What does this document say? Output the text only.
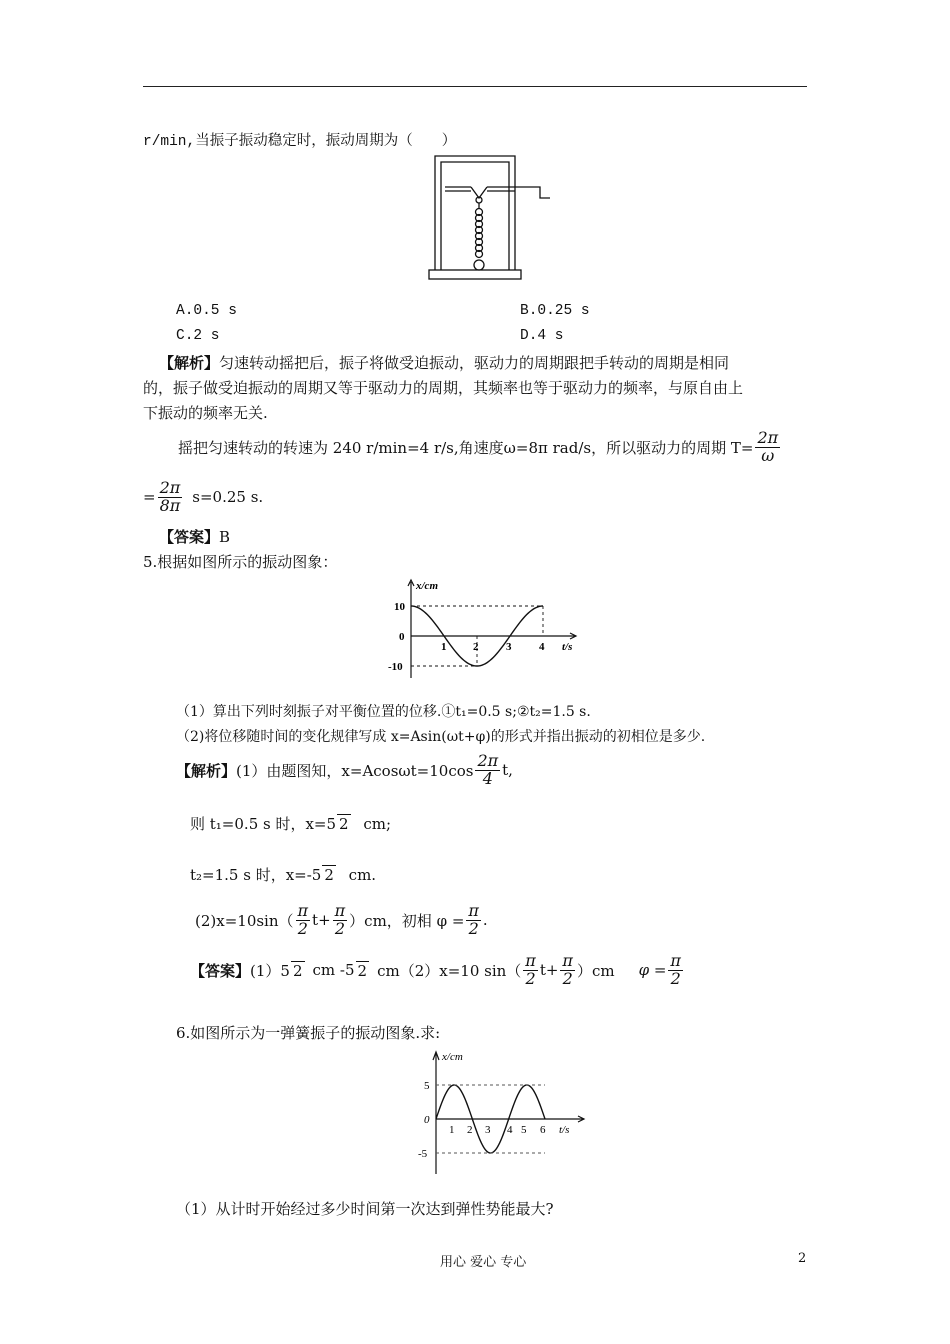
r/min,当振子振动稳定时，振动周期为（　　）
A.0.5 s	B.0.25 s
C.2 s	D.4 s
【解析】匀速转动摇把后，振子将做受迫振动，驱动力的周期跟把手转动的周期是相同
的，振子做受迫振动的周期又等于驱动力的周期，其频率也等于驱动力的频率，与原自由上
下振动的频率无关.
摇把匀速转动的转速为 240 r/min=4 r/s,角速度ω=8π rad/s，所以驱动力的周期 $T= \frac{2\pi}{\omega}$
= $\frac{2\pi}{8\pi} s=0.25$ s.
【答案】B
5.根据如图所示的振动图象：
x/cm
10
0
-10
1 2	3	4 t/s
（1）算出下列时刻振子对平衡位置的位移.①t₁=0.5 s;②t₂=1.5 s.
（2)将位移随时间的变化规律写成 x=Asin(ωt+φ)的形式并指出振动的初相位是多少.
【解析】 (1）由题图知，$x=Acos\omega t=10\cos \frac{2\pi}{4} t$,
则 t₁=0.5 s 时，x=5 2 cm;
t₂=1.5 s 时，x=-5 2 cm.
$(2)x=10\sin( \frac{\pi}{2} t+ \frac{\pi}{2} )cm$，初相 $\varphi = \frac{\pi}{2}$ .
【答案】 (1）5 2 cm -5 2 cm（2）x=10 $\sin( \frac{\pi}{2} t+ \frac{\pi}{2} )cm$ $\varphi = \frac{\pi}{2}$
6.如图所示为一弹簧振子的振动图象.求:
x/cm
5
0
-5
1 2 3 4 5 6 t/s
（1）从计时开始经过多少时间第一次达到弹性势能最大?
用心 爱心 专心	2
